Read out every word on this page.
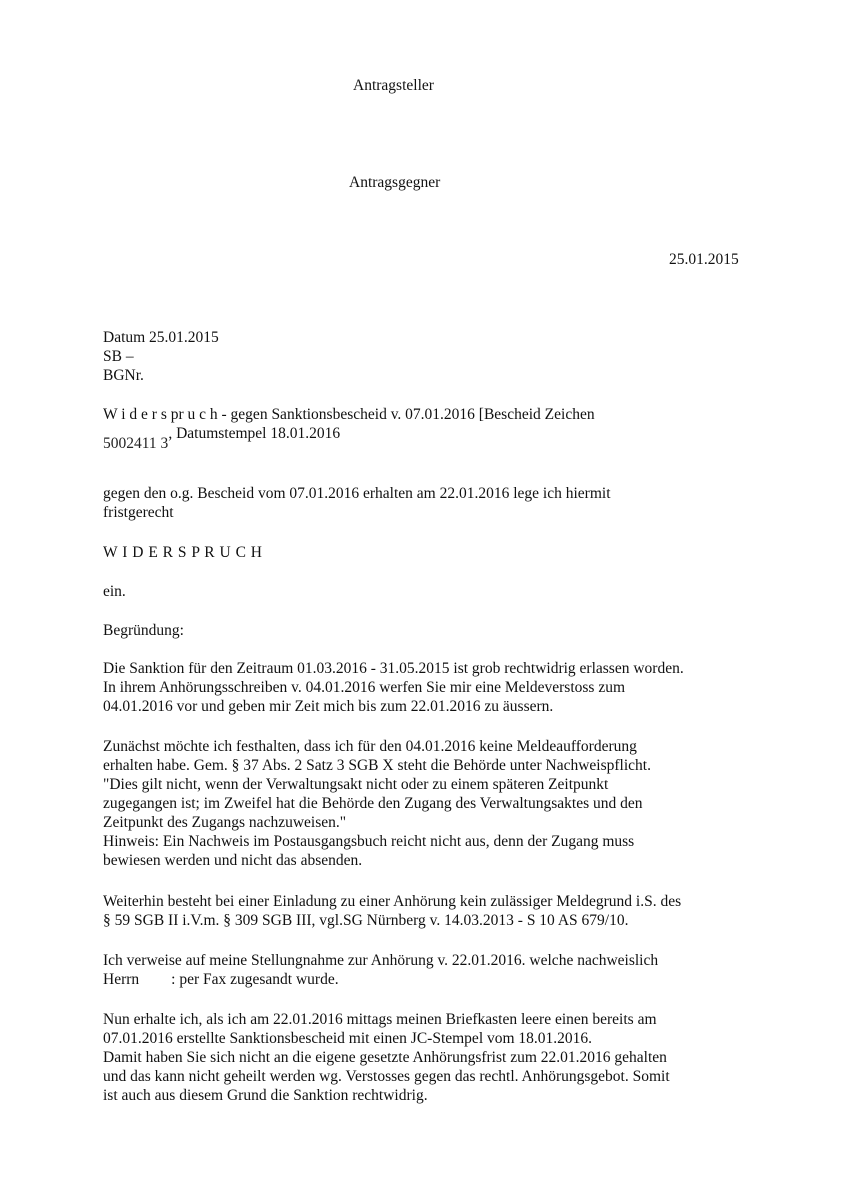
Antragsteller
Antragsgegner
25.01.2015
Datum 25.01.2015
SB –
BGNr.
W i d e r s pr u c h - gegen Sanktionsbescheid v. 07.01.2016 [Bescheid Zeichen
5002411 3, Datumstempel 18.01.2016
gegen den o.g. Bescheid vom 07.01.2016 erhalten am 22.01.2016 lege ich hiermit
fristgerecht
W I D E R S P R U C H
ein.
Begründung:
Die Sanktion für den Zeitraum 01.03.2016 - 31.05.2015 ist grob rechtwidrig erlassen worden.
In ihrem Anhörungsschreiben v. 04.01.2016 werfen Sie mir eine Meldeverstoss zum
04.01.2016 vor und geben mir Zeit mich bis zum 22.01.2016 zu äussern.
Zunächst möchte ich festhalten, dass ich für den 04.01.2016 keine Meldeaufforderung
erhalten habe. Gem. § 37 Abs. 2 Satz 3 SGB X steht die Behörde unter Nachweispflicht.
"Dies gilt nicht, wenn der Verwaltungsakt nicht oder zu einem späteren Zeitpunkt
zugegangen ist; im Zweifel hat die Behörde den Zugang des Verwaltungsaktes und den
Zeitpunkt des Zugangs nachzuweisen."
Hinweis: Ein Nachweis im Postausgangsbuch reicht nicht aus, denn der Zugang muss
bewiesen werden und nicht das absenden.
Weiterhin besteht bei einer Einladung zu einer Anhörung kein zulässiger Meldegrund i.S. des
§ 59 SGB II i.V.m. § 309 SGB III, vgl.SG Nürnberg v. 14.03.2013 - S 10 AS 679/10.
Ich verweise auf meine Stellungnahme zur Anhörung v. 22.01.2016. welche nachweislich
Herrn : per Fax zugesandt wurde.
Nun erhalte ich, als ich am 22.01.2016 mittags meinen Briefkasten leere einen bereits am
07.01.2016 erstellte Sanktionsbescheid mit einen JC-Stempel vom 18.01.2016.
Damit haben Sie sich nicht an die eigene gesetzte Anhörungsfrist zum 22.01.2016 gehalten
und das kann nicht geheilt werden wg. Verstosses gegen das rechtl. Anhörungsgebot. Somit
ist auch aus diesem Grund die Sanktion rechtwidrig.
